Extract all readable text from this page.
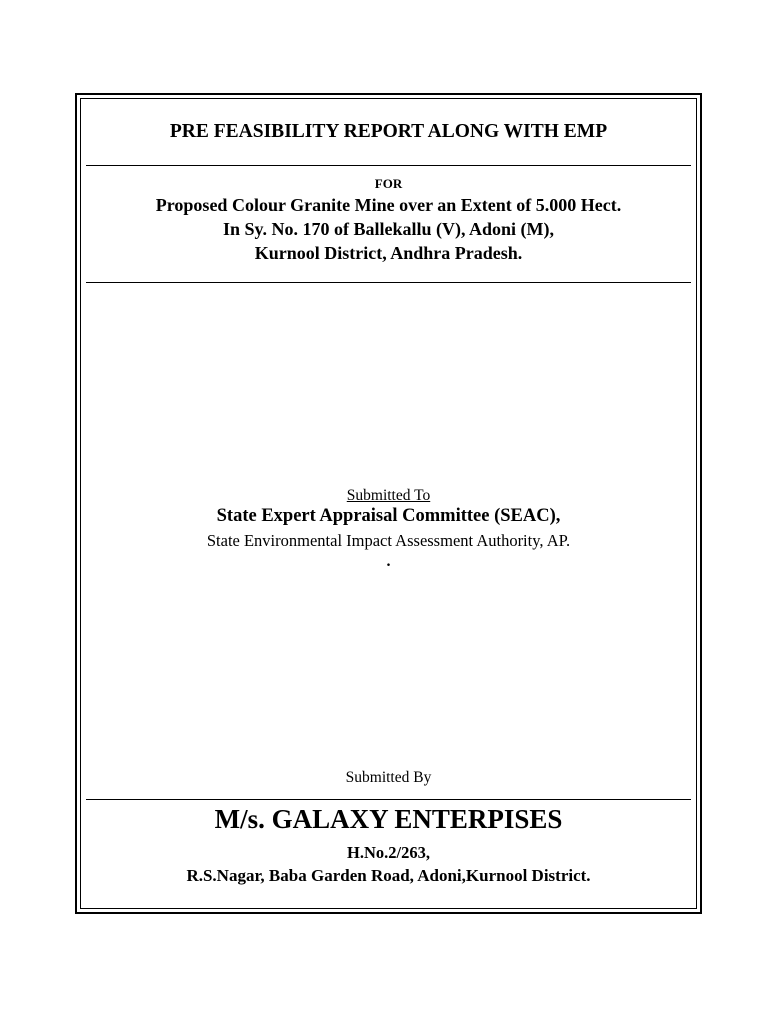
PRE FEASIBILITY REPORT ALONG WITH EMP
FOR
Proposed Colour Granite Mine over an Extent of 5.000 Hect.
In Sy. No. 170 of Ballekallu (V), Adoni (M),
Kurnool District, Andhra Pradesh.
Submitted To
State Expert Appraisal Committee (SEAC),
State Environmental Impact Assessment Authority, AP.
.
Submitted By
M/s. GALAXY ENTERPISES
H.No.2/263,
R.S.Nagar, Baba Garden Road, Adoni,Kurnool District.
